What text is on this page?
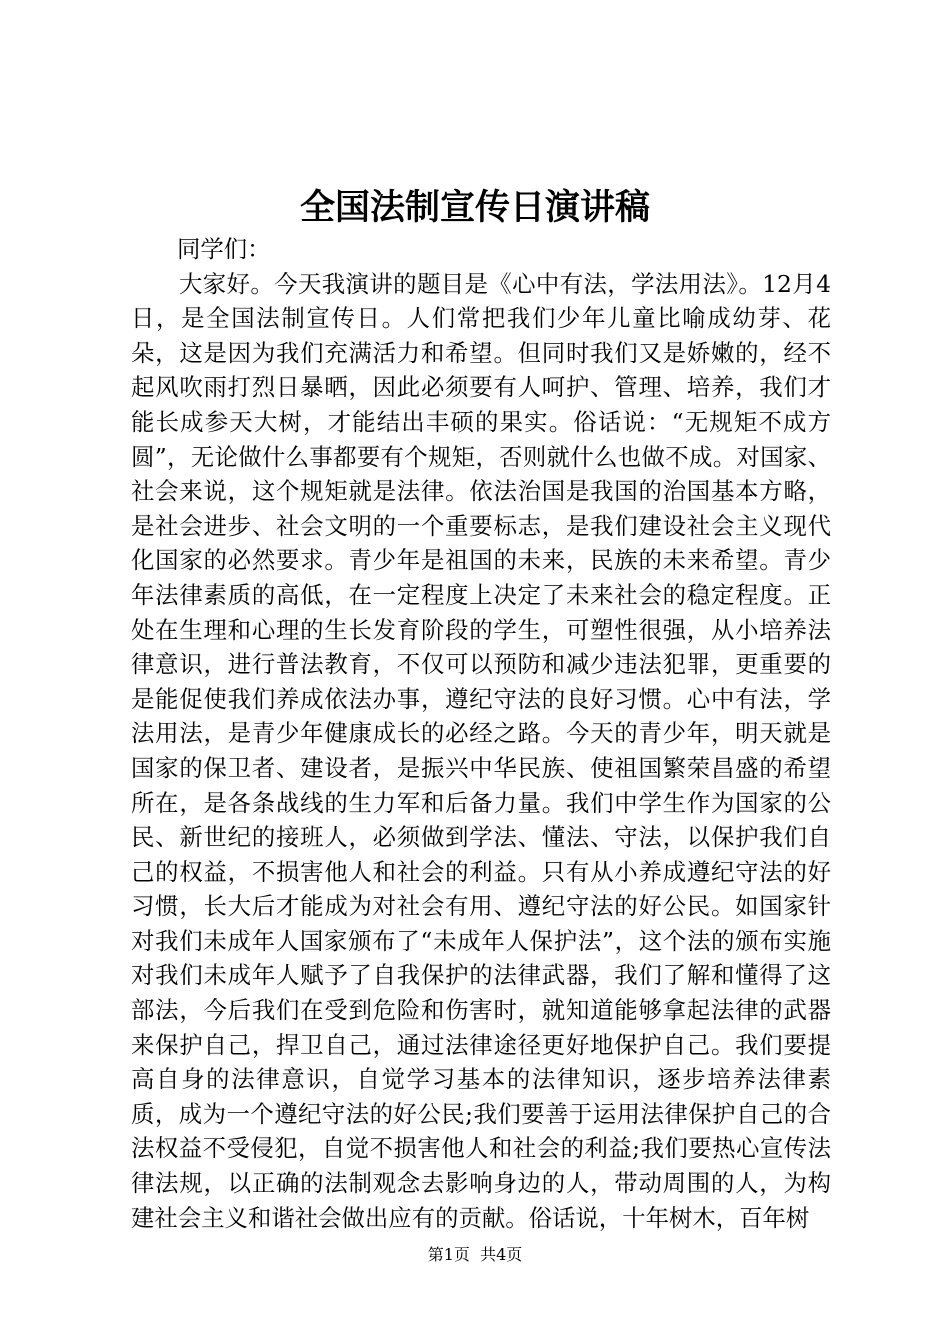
全国法制宣传日演讲稿

同学们：

大家好。今天我演讲的题目是《心中有法，学法用法》。12月4日，是全国法制宣传日。人们常把我们少年儿童比喻成幼芽、花朵，这是因为我们充满活力和希望。但同时我们又是娇嫩的，经不起风吹雨打烈日暴晒，因此必须要有人呵护、管理、培养，我们才能长成参天大树，才能结出丰硕的果实。俗话说：“无规矩不成方圆”，无论做什么事都要有个规矩，否则就什么也做不成。对国家、社会来说，这个规矩就是法律。依法治国是我国的治国基本方略，是社会进步、社会文明的一个重要标志，是我们建设社会主义现代化国家的必然要求。青少年是祖国的未来，民族的未来希望。青少年法律素质的高低，在一定程度上决定了未来社会的稳定程度。正处在生理和心理的生长发育阶段的学生，可塑性很强，从小培养法律意识，进行普法教育，不仅可以预防和减少违法犯罪，更重要的是能促使我们养成依法办事，遵纪守法的良好习惯。心中有法，学法用法，是青少年健康成长的必经之路。今天的青少年，明天就是国家的保卫者、建设者，是振兴中华民族、使祖国繁荣昌盛的希望所在，是各条战线的生力军和后备力量。我们中学生作为国家的公民、新世纪的接班人，必须做到学法、懂法、守法，以保护我们自己的权益，不损害他人和社会的利益。只有从小养成遵纪守法的好习惯，长大后才能成为对社会有用、遵纪守法的好公民。如国家针对我们未成年人国家颁布了“未成年人保护法”，这个法的颁布实施对我们未成年人赋予了自我保护的法律武器，我们了解和懂得了这部法，今后我们在受到危险和伤害时，就知道能够拿起法律的武器来保护自己，捍卫自己，通过法律途径更好地保护自己。我们要提高自身的法律意识，自觉学习基本的法律知识，逐步培养法律素质，成为一个遵纪守法的好公民;我们要善于运用法律保护自己的合法权益不受侵犯，自觉不损害他人和社会的利益;我们要热心宣传法律法规，以正确的法制观念去影响身边的人，带动周围的人，为构建社会主义和谐社会做出应有的贡献。俗话说，十年树木，百年树

第1页 共4页
